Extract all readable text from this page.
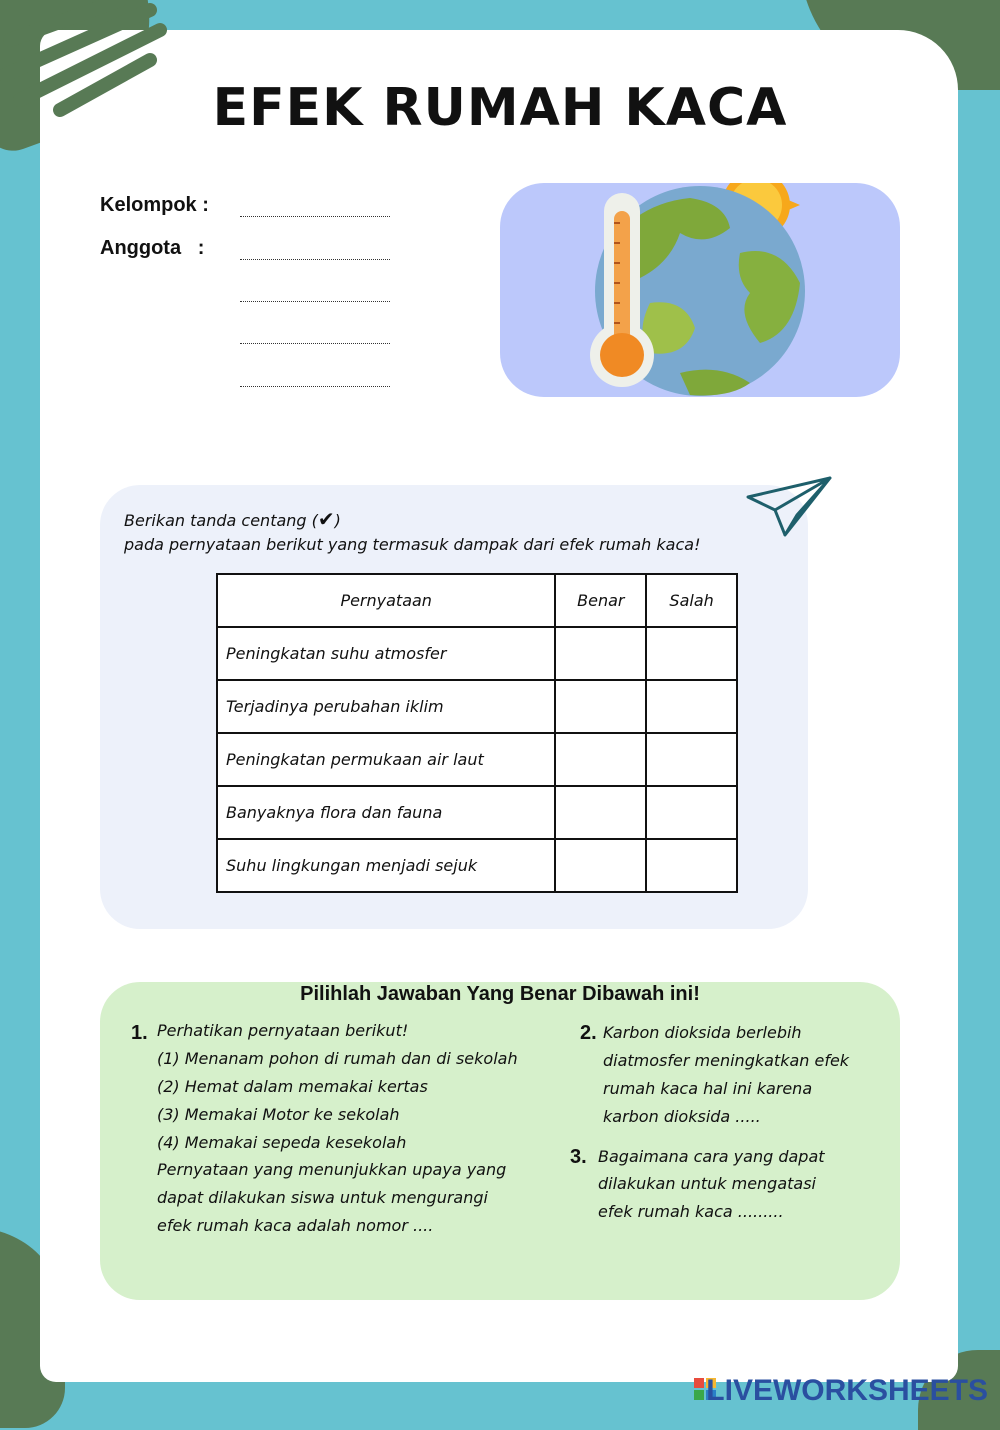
EFEK RUMAH KACA
Kelompok :
Anggota   :
Berikan tanda centang (✔)
pada pernyataan berikut yang termasuk dampak dari efek rumah kaca!
Pernyataan	Benar	Salah
Peningkatan suhu atmosfer		
Terjadinya perubahan iklim		
Peningkatan permukaan air laut		
Banyaknya flora dan fauna		
Suhu lingkungan menjadi sejuk		
Pilihlah Jawaban Yang Benar Dibawah ini!
1. Perhatikan pernyataan berikut!
(1) Menanam pohon di rumah dan di sekolah
(2) Hemat dalam memakai kertas
(3) Memakai Motor ke sekolah
(4) Memakai sepeda kesekolah
Pernyataan yang menunjukkan upaya yang
dapat dilakukan siswa untuk mengurangi
efek rumah kaca adalah nomor ....
2. Karbon dioksida berlebih
diatmosfer meningkatkan efek
rumah kaca hal ini karena
karbon dioksida .....
3. Bagaimana cara yang dapat
dilakukan untuk mengatasi
efek rumah kaca .........
LIVEWORKSHEETS
